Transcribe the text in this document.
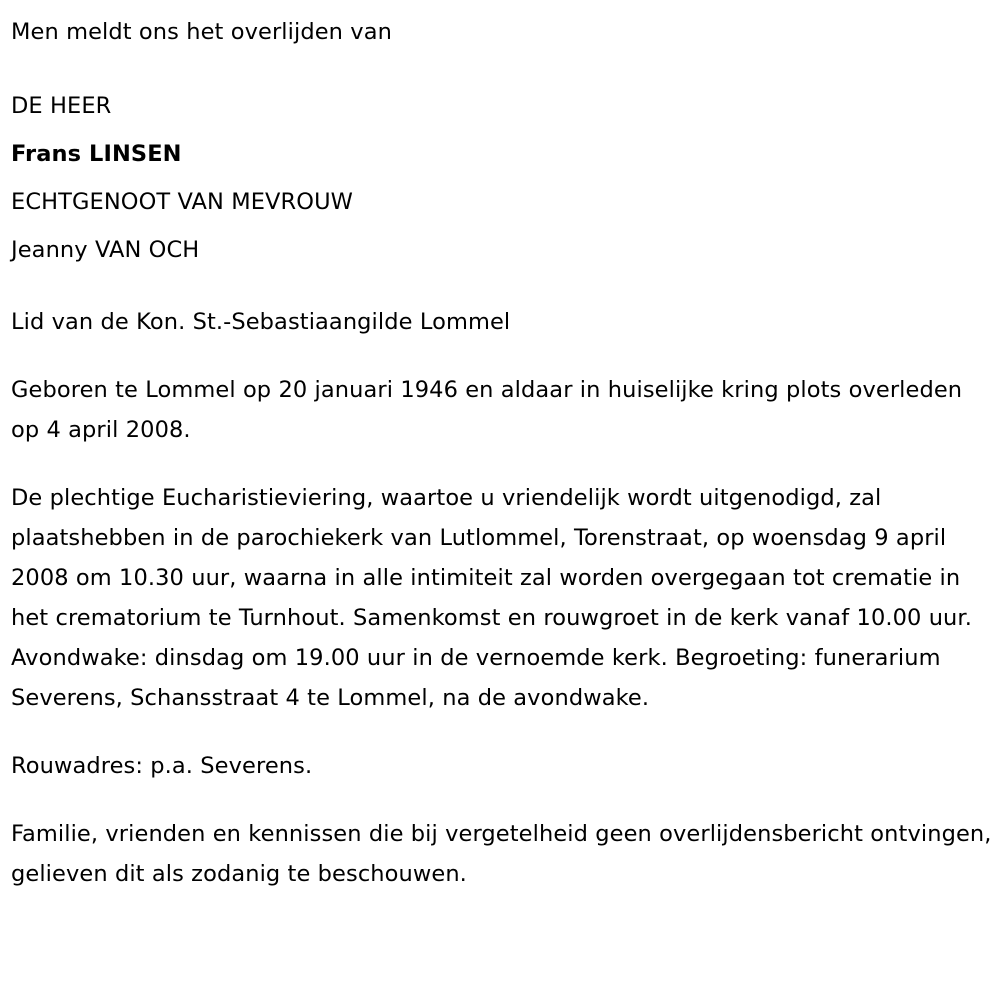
Men meldt ons het overlijden van

DE HEER
Frans LINSEN
ECHTGENOOT VAN MEVROUW
Jeanny VAN OCH

Lid van de Kon. St.-Sebastiaangilde Lommel

Geboren te Lommel op 20 januari 1946 en aldaar in huiselijke kring plots overleden op 4 april 2008.

De plechtige Eucharistieviering, waartoe u vriendelijk wordt uitgenodigd, zal plaatshebben in de parochiekerk van Lutlommel, Torenstraat, op woensdag 9 april 2008 om 10.30 uur, waarna in alle intimiteit zal worden overgegaan tot crematie in het crematorium te Turnhout. Samenkomst en rouwgroet in de kerk vanaf 10.00 uur. Avondwake: dinsdag om 19.00 uur in de vernoemde kerk. Begroeting: funerarium Severens, Schansstraat 4 te Lommel, na de avondwake.

Rouwadres: p.a. Severens.

Familie, vrienden en kennissen die bij vergetelheid geen overlijdensbericht ontvingen, gelieven dit als zodanig te beschouwen.
